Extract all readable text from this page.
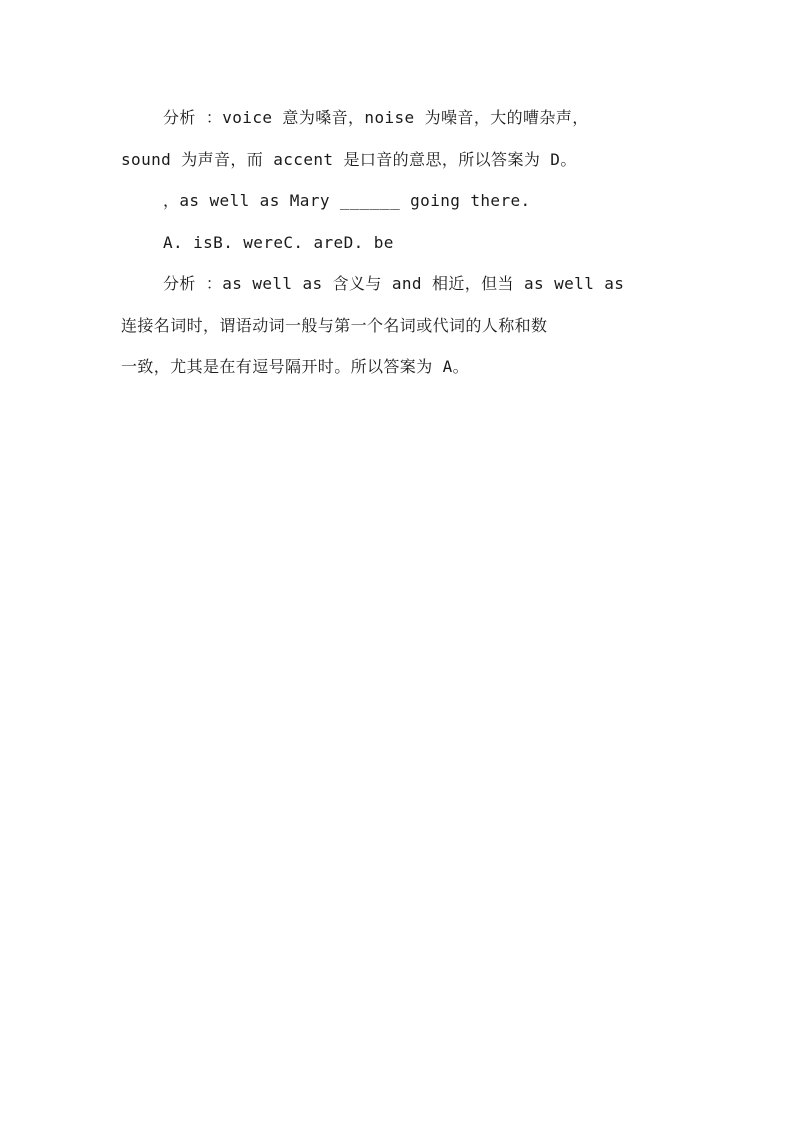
分析 ：voice 意为嗓音，noise 为噪音，大的嘈杂声，
sound 为声音，而 accent 是口音的意思，所以答案为 D。
，as well as Mary ______ going there.
A. isB. wereC. areD. be
分析 ：as well as 含义与 and 相近，但当 as well as
连接名词时，谓语动词一般与第一个名词或代词的人称和数
一致，尤其是在有逗号隔开时。所以答案为 A。
